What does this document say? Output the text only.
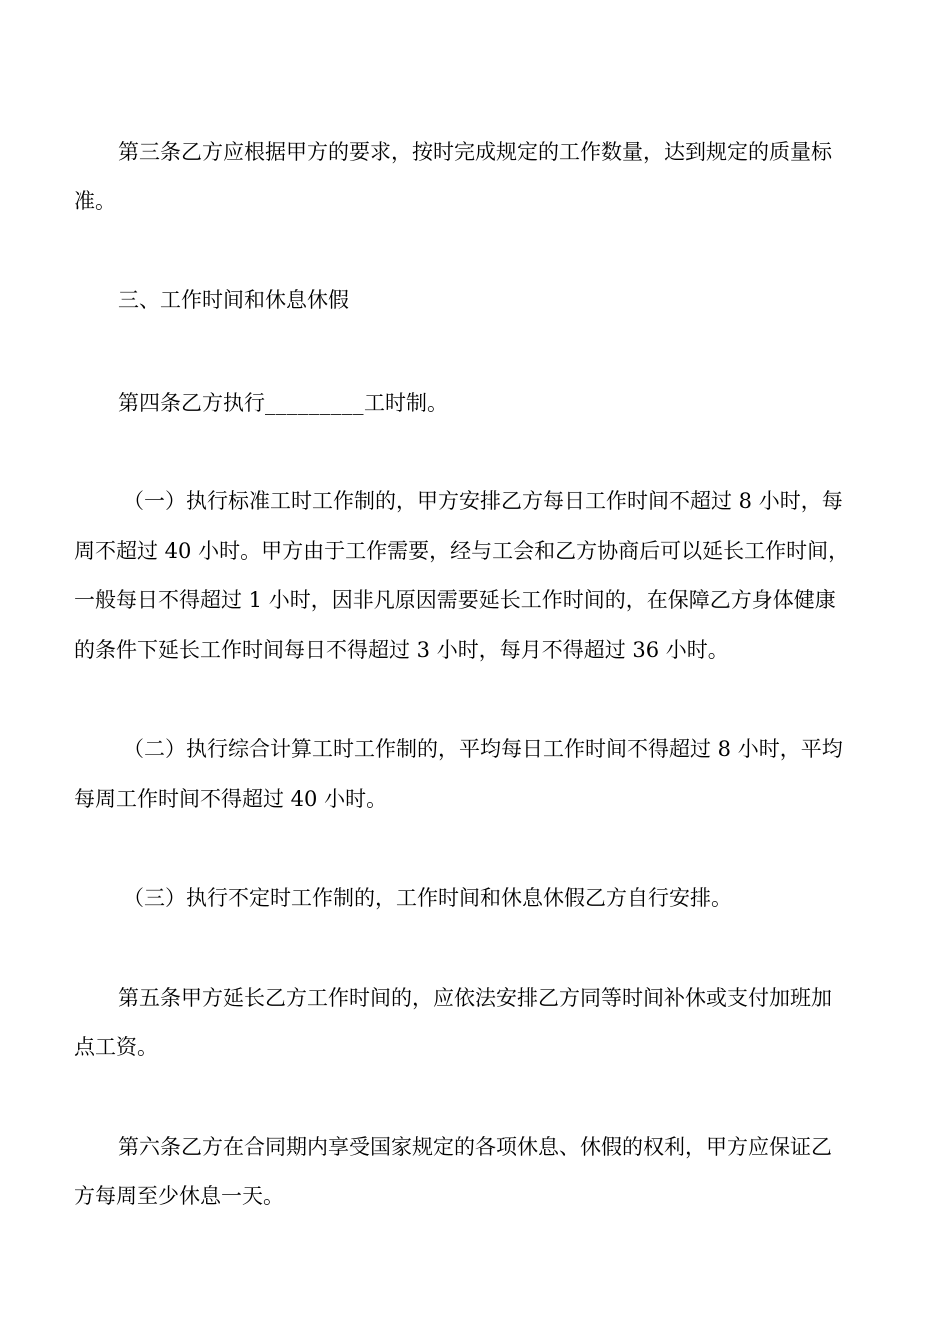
第三条乙方应根据甲方的要求，按时完成规定的工作数量，达到规定的质量标
准。
三、工作时间和休息休假
第四条乙方执行_________工时制。
（一）执行标准工时工作制的，甲方安排乙方每日工作时间不超过 8 小时，每
周不超过 40 小时。甲方由于工作需要，经与工会和乙方协商后可以延长工作时间，
一般每日不得超过 1 小时，因非凡原因需要延长工作时间的，在保障乙方身体健康
的条件下延长工作时间每日不得超过 3 小时，每月不得超过 36 小时。
（二）执行综合计算工时工作制的，平均每日工作时间不得超过 8 小时，平均
每周工作时间不得超过 40 小时。
（三）执行不定时工作制的，工作时间和休息休假乙方自行安排。
第五条甲方延长乙方工作时间的，应依法安排乙方同等时间补休或支付加班加
点工资。
第六条乙方在合同期内享受国家规定的各项休息、休假的权利，甲方应保证乙
方每周至少休息一天。
